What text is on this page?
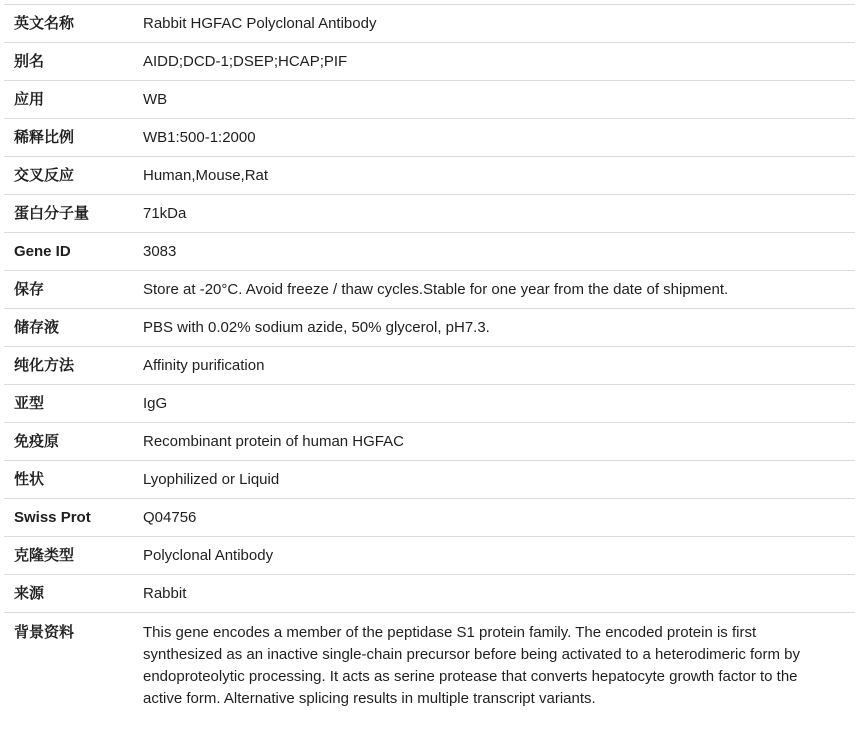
英文名称	Rabbit HGFAC Polyclonal Antibody

别名	AIDD;DCD-1;DSEP;HCAP;PIF

应用	WB

稀释比例	WB1:500-1:2000

交叉反应	Human,Mouse,Rat

蛋白分子量	71kDa

Gene ID	3083

保存	Store at -20°C. Avoid freeze / thaw cycles.Stable for one year from the date of shipment.

储存液	PBS with 0.02% sodium azide, 50% glycerol, pH7.3.

纯化方法	Affinity purification

亚型	IgG

免疫原	Recombinant protein of human HGFAC

性状	Lyophilized or Liquid

Swiss Prot	Q04756

克隆类型	Polyclonal Antibody

来源	Rabbit

背景资料	This gene encodes a member of the peptidase S1 protein family. The encoded protein is first synthesized as an inactive single-chain precursor before being activated to a heterodimeric form by endoproteolytic processing. It acts as serine protease that converts hepatocyte growth factor to the active form. Alternative splicing results in multiple transcript variants.
